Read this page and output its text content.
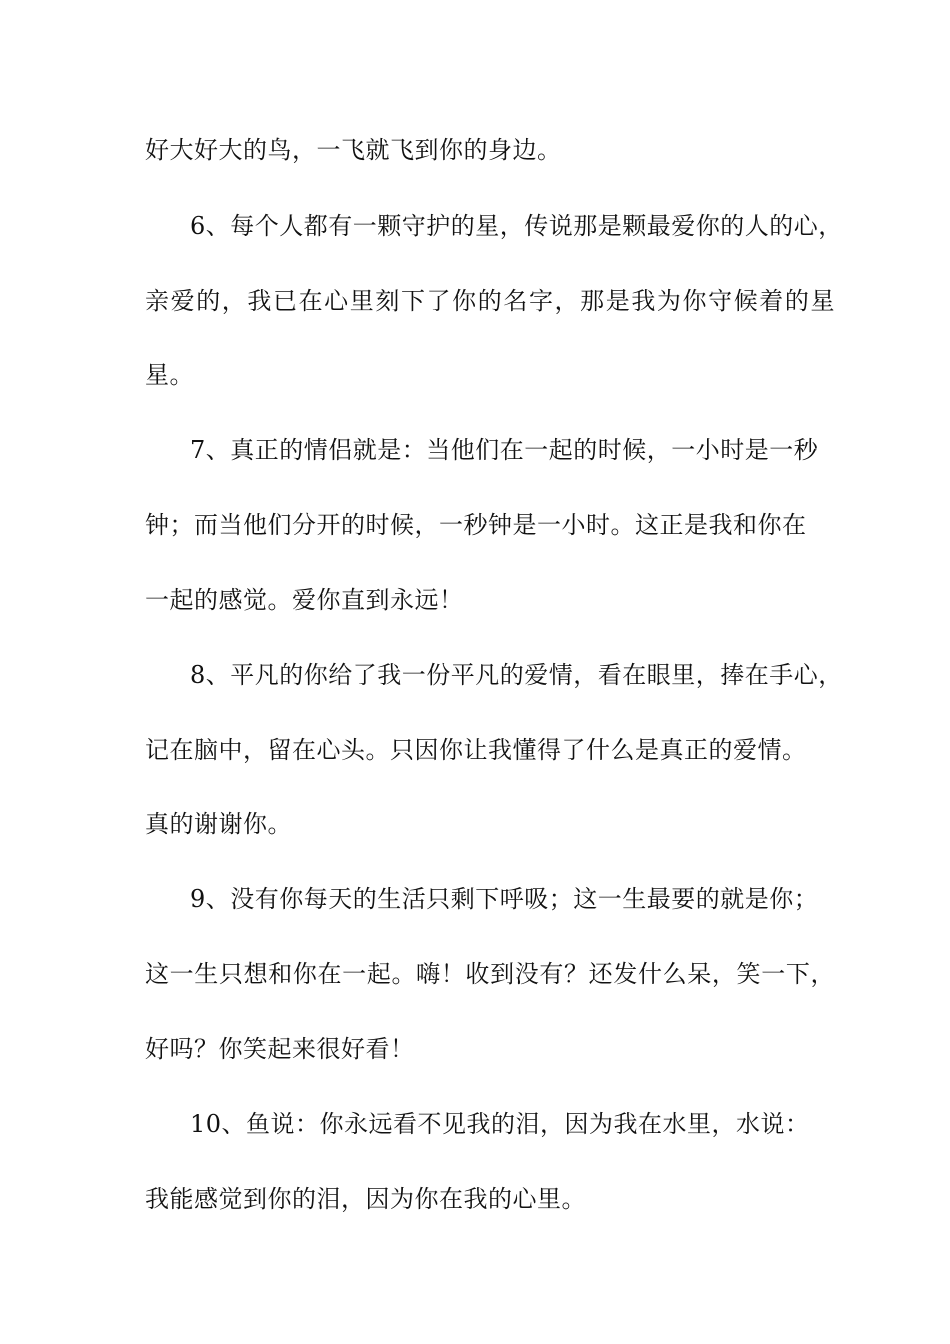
好大好大的鸟，一飞就飞到你的身边。
6、每个人都有一颗守护的星，传说那是颗最爱你的人的心，
亲爱的，我已在心里刻下了你的名字，那是我为你守候着的星
星。
7、真正的情侣就是：当他们在一起的时候，一小时是一秒
钟；而当他们分开的时候，一秒钟是一小时。这正是我和你在
一起的感觉。爱你直到永远！
8、平凡的你给了我一份平凡的爱情，看在眼里，捧在手心，
记在脑中，留在心头。只因你让我懂得了什么是真正的爱情。
真的谢谢你。
9、没有你每天的生活只剩下呼吸；这一生最要的就是你；
这一生只想和你在一起。嗨！收到没有？还发什么呆，笑一下，
好吗？你笑起来很好看！
10、鱼说：你永远看不见我的泪，因为我在水里，水说：
我能感觉到你的泪，因为你在我的心里。
